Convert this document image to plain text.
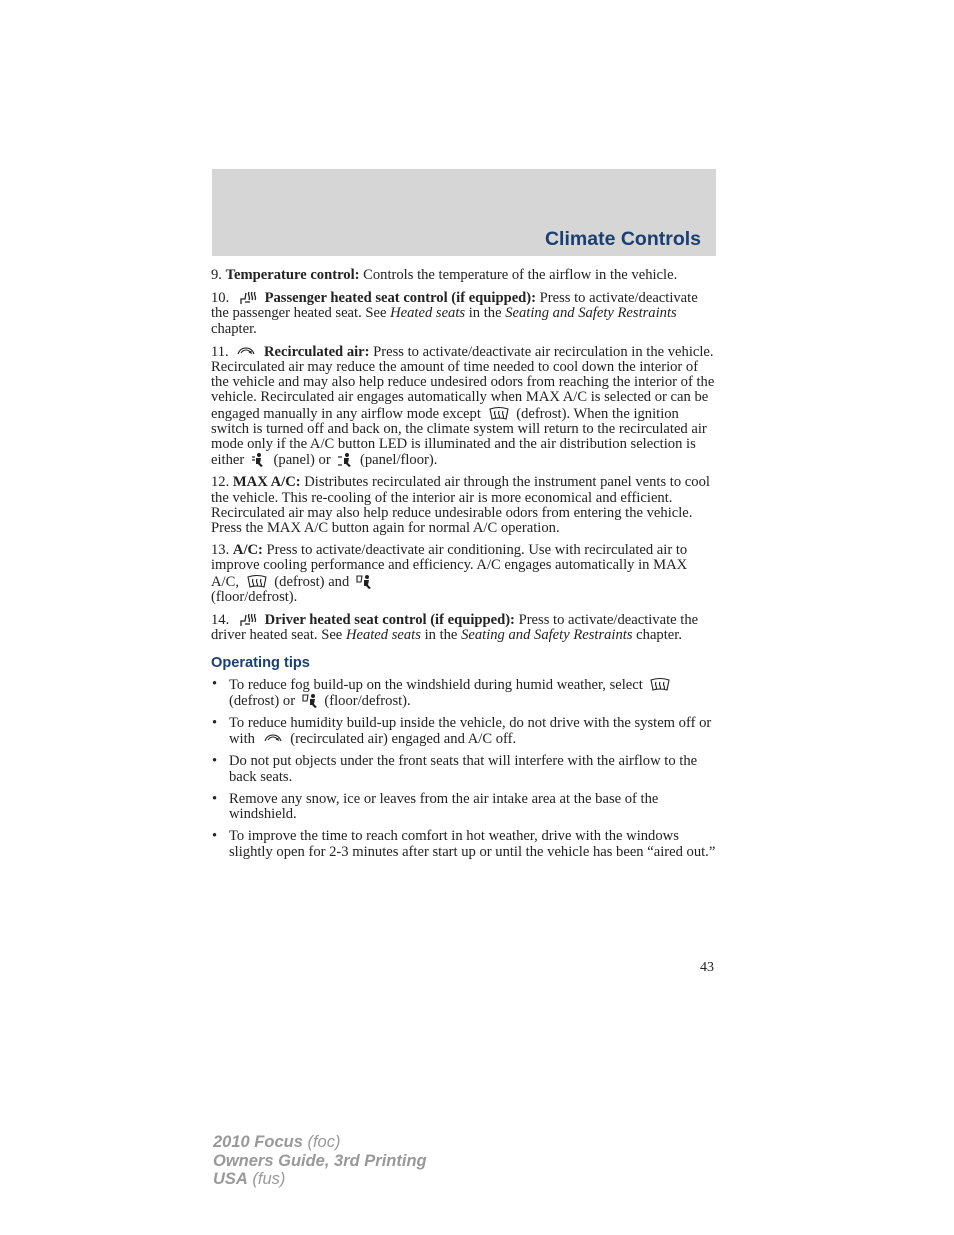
Climate Controls
9. Temperature control: Controls the temperature of the airflow in the vehicle.
10. Passenger heated seat control (if equipped): Press to activate/deactivate the passenger heated seat. See Heated seats in the Seating and Safety Restraints chapter.
11. Recirculated air: Press to activate/deactivate air recirculation in the vehicle. Recirculated air may reduce the amount of time needed to cool down the interior of the vehicle and may also help reduce undesired odors from reaching the interior of the vehicle. Recirculated air engages automatically when MAX A/C is selected or can be engaged manually in any airflow mode except (defrost). When the ignition switch is turned off and back on, the climate system will return to the recirculated air mode only if the A/C button LED is illuminated and the air distribution selection is either (panel) or (panel/floor).
12. MAX A/C: Distributes recirculated air through the instrument panel vents to cool the vehicle. This re-cooling of the interior air is more economical and efficient. Recirculated air may also help reduce undesirable odors from entering the vehicle. Press the MAX A/C button again for normal A/C operation.
13. A/C: Press to activate/deactivate air conditioning. Use with recirculated air to improve cooling performance and efficiency. A/C engages automatically in MAX A/C, (defrost) and

(floor/defrost).
14. Driver heated seat control (if equipped): Press to activate/deactivate the driver heated seat. See Heated seats in the Seating and Safety Restraints chapter.
Operating tips
• To reduce fog build-up on the windshield during humid weather, select
(defrost) or (floor/defrost).
• To reduce humidity build-up inside the vehicle, do not drive with the system off or with (recirculated air) engaged and A/C off.
• Do not put objects under the front seats that will interfere with the airflow to the back seats.
• Remove any snow, ice or leaves from the air intake area at the base of the windshield.
• To improve the time to reach comfort in hot weather, drive with the windows slightly open for 2-3 minutes after start up or until the vehicle has been “aired out.”
43
2010 Focus (foc)
Owners Guide, 3rd Printing
USA (fus)
